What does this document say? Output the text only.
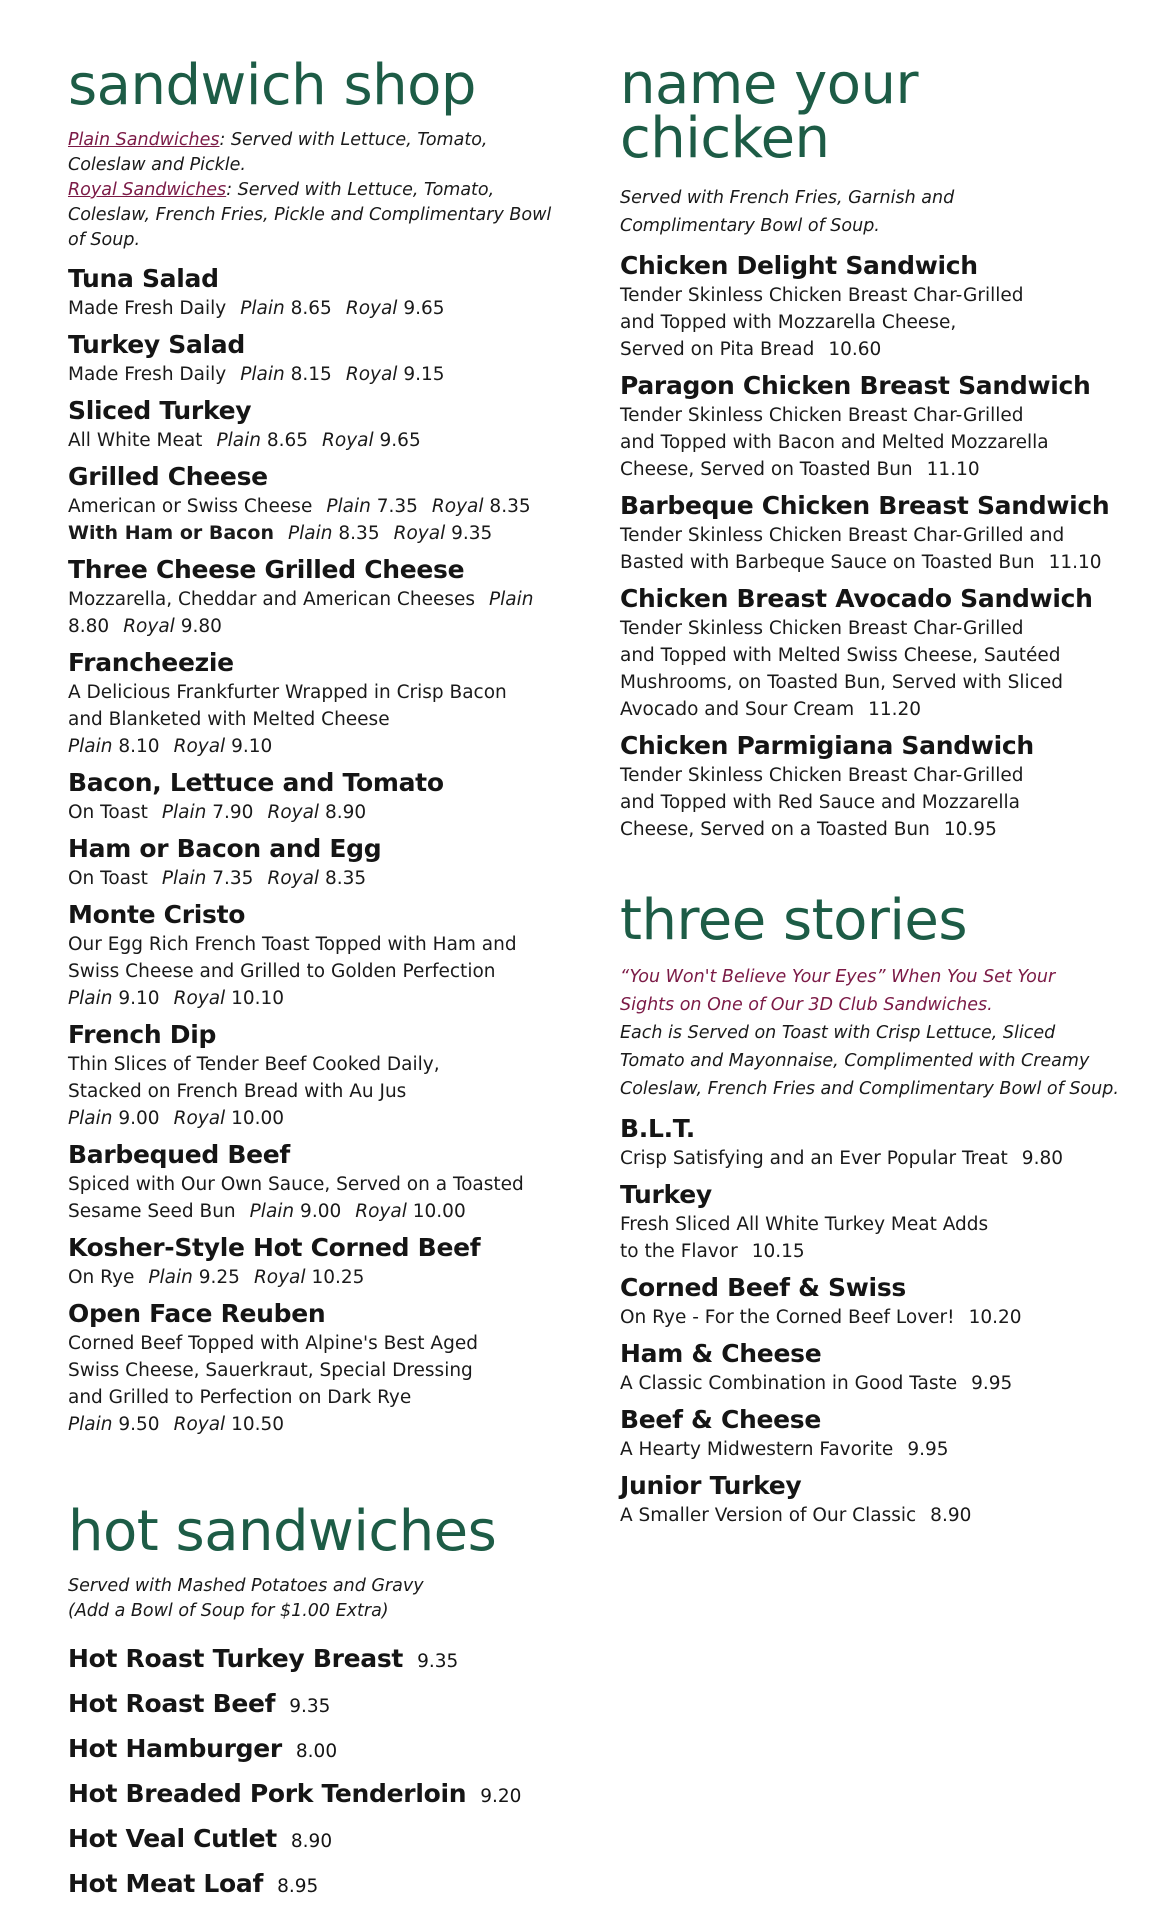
sandwich shop

Plain Sandwiches: Served with Lettuce, Tomato, Coleslaw and Pickle.
Royal Sandwiches: Served with Lettuce, Tomato, Coleslaw, French Fries, Pickle and Complimentary Bowl of Soup.

Tuna Salad
Made Fresh Daily Plain 8.65 Royal 9.65
Turkey Salad
Made Fresh Daily Plain 8.15 Royal 9.15
Sliced Turkey
All White Meat Plain 8.65 Royal 9.65
Grilled Cheese
American or Swiss Cheese Plain 7.35 Royal 8.35
With Ham or Bacon Plain 8.35 Royal 9.35
Three Cheese Grilled Cheese
Mozzarella, Cheddar and American Cheeses Plain 8.80 Royal 9.80
Francheezie
A Delicious Frankfurter Wrapped in Crisp Bacon
and Blanketed with Melted Cheese
Plain 8.10 Royal 9.10
Bacon, Lettuce and Tomato
On Toast Plain 7.90 Royal 8.90
Ham or Bacon and Egg
On Toast Plain 7.35 Royal 8.35
Monte Cristo
Our Egg Rich French Toast Topped with Ham and
Swiss Cheese and Grilled to Golden Perfection
Plain 9.10 Royal 10.10
French Dip
Thin Slices of Tender Beef Cooked Daily,
Stacked on French Bread with Au Jus
Plain 9.00 Royal 10.00
Barbequed Beef
Spiced with Our Own Sauce, Served on a Toasted
Sesame Seed Bun Plain 9.00 Royal 10.00
Kosher-Style Hot Corned Beef
On Rye Plain 9.25 Royal 10.25
Open Face Reuben
Corned Beef Topped with Alpine's Best Aged
Swiss Cheese, Sauerkraut, Special Dressing
and Grilled to Perfection on Dark Rye
Plain 9.50 Royal 10.50
hot sandwiches

Served with Mashed Potatoes and Gravy
(Add a Bowl of Soup for $1.00 Extra)

Hot Roast Turkey Breast 9.35
Hot Roast Beef 9.35
Hot Hamburger 8.00
Hot Breaded Pork Tenderloin 9.20
Hot Veal Cutlet 8.90
Hot Meat Loaf 8.95
name your
chicken

Served with French Fries, Garnish and
Complimentary Bowl of Soup.

Chicken Delight Sandwich
Tender Skinless Chicken Breast Char-Grilled
and Topped with Mozzarella Cheese,
Served on Pita Bread 10.60
Paragon Chicken Breast Sandwich
Tender Skinless Chicken Breast Char-Grilled
and Topped with Bacon and Melted Mozzarella
Cheese, Served on Toasted Bun 11.10
Barbeque Chicken Breast Sandwich
Tender Skinless Chicken Breast Char-Grilled and
Basted with Barbeque Sauce on Toasted Bun 11.10
Chicken Breast Avocado Sandwich
Tender Skinless Chicken Breast Char-Grilled
and Topped with Melted Swiss Cheese, Sautéed
Mushrooms, on Toasted Bun, Served with Sliced
Avocado and Sour Cream 11.20
Chicken Parmigiana Sandwich
Tender Skinless Chicken Breast Char-Grilled
and Topped with Red Sauce and Mozzarella
Cheese, Served on a Toasted Bun 10.95
three stories

“You Won't Believe Your Eyes” When You Set Your
Sights on One of Our 3D Club Sandwiches.
Each is Served on Toast with Crisp Lettuce, Sliced
Tomato and Mayonnaise, Complimented with Creamy
Coleslaw, French Fries and Complimentary Bowl of Soup.

B.L.T.
Crisp Satisfying and an Ever Popular Treat 9.80
Turkey
Fresh Sliced All White Turkey Meat Adds
to the Flavor 10.15
Corned Beef & Swiss
On Rye - For the Corned Beef Lover! 10.20
Ham & Cheese
A Classic Combination in Good Taste 9.95
Beef & Cheese
A Hearty Midwestern Favorite 9.95
Junior Turkey
A Smaller Version of Our Classic 8.90
